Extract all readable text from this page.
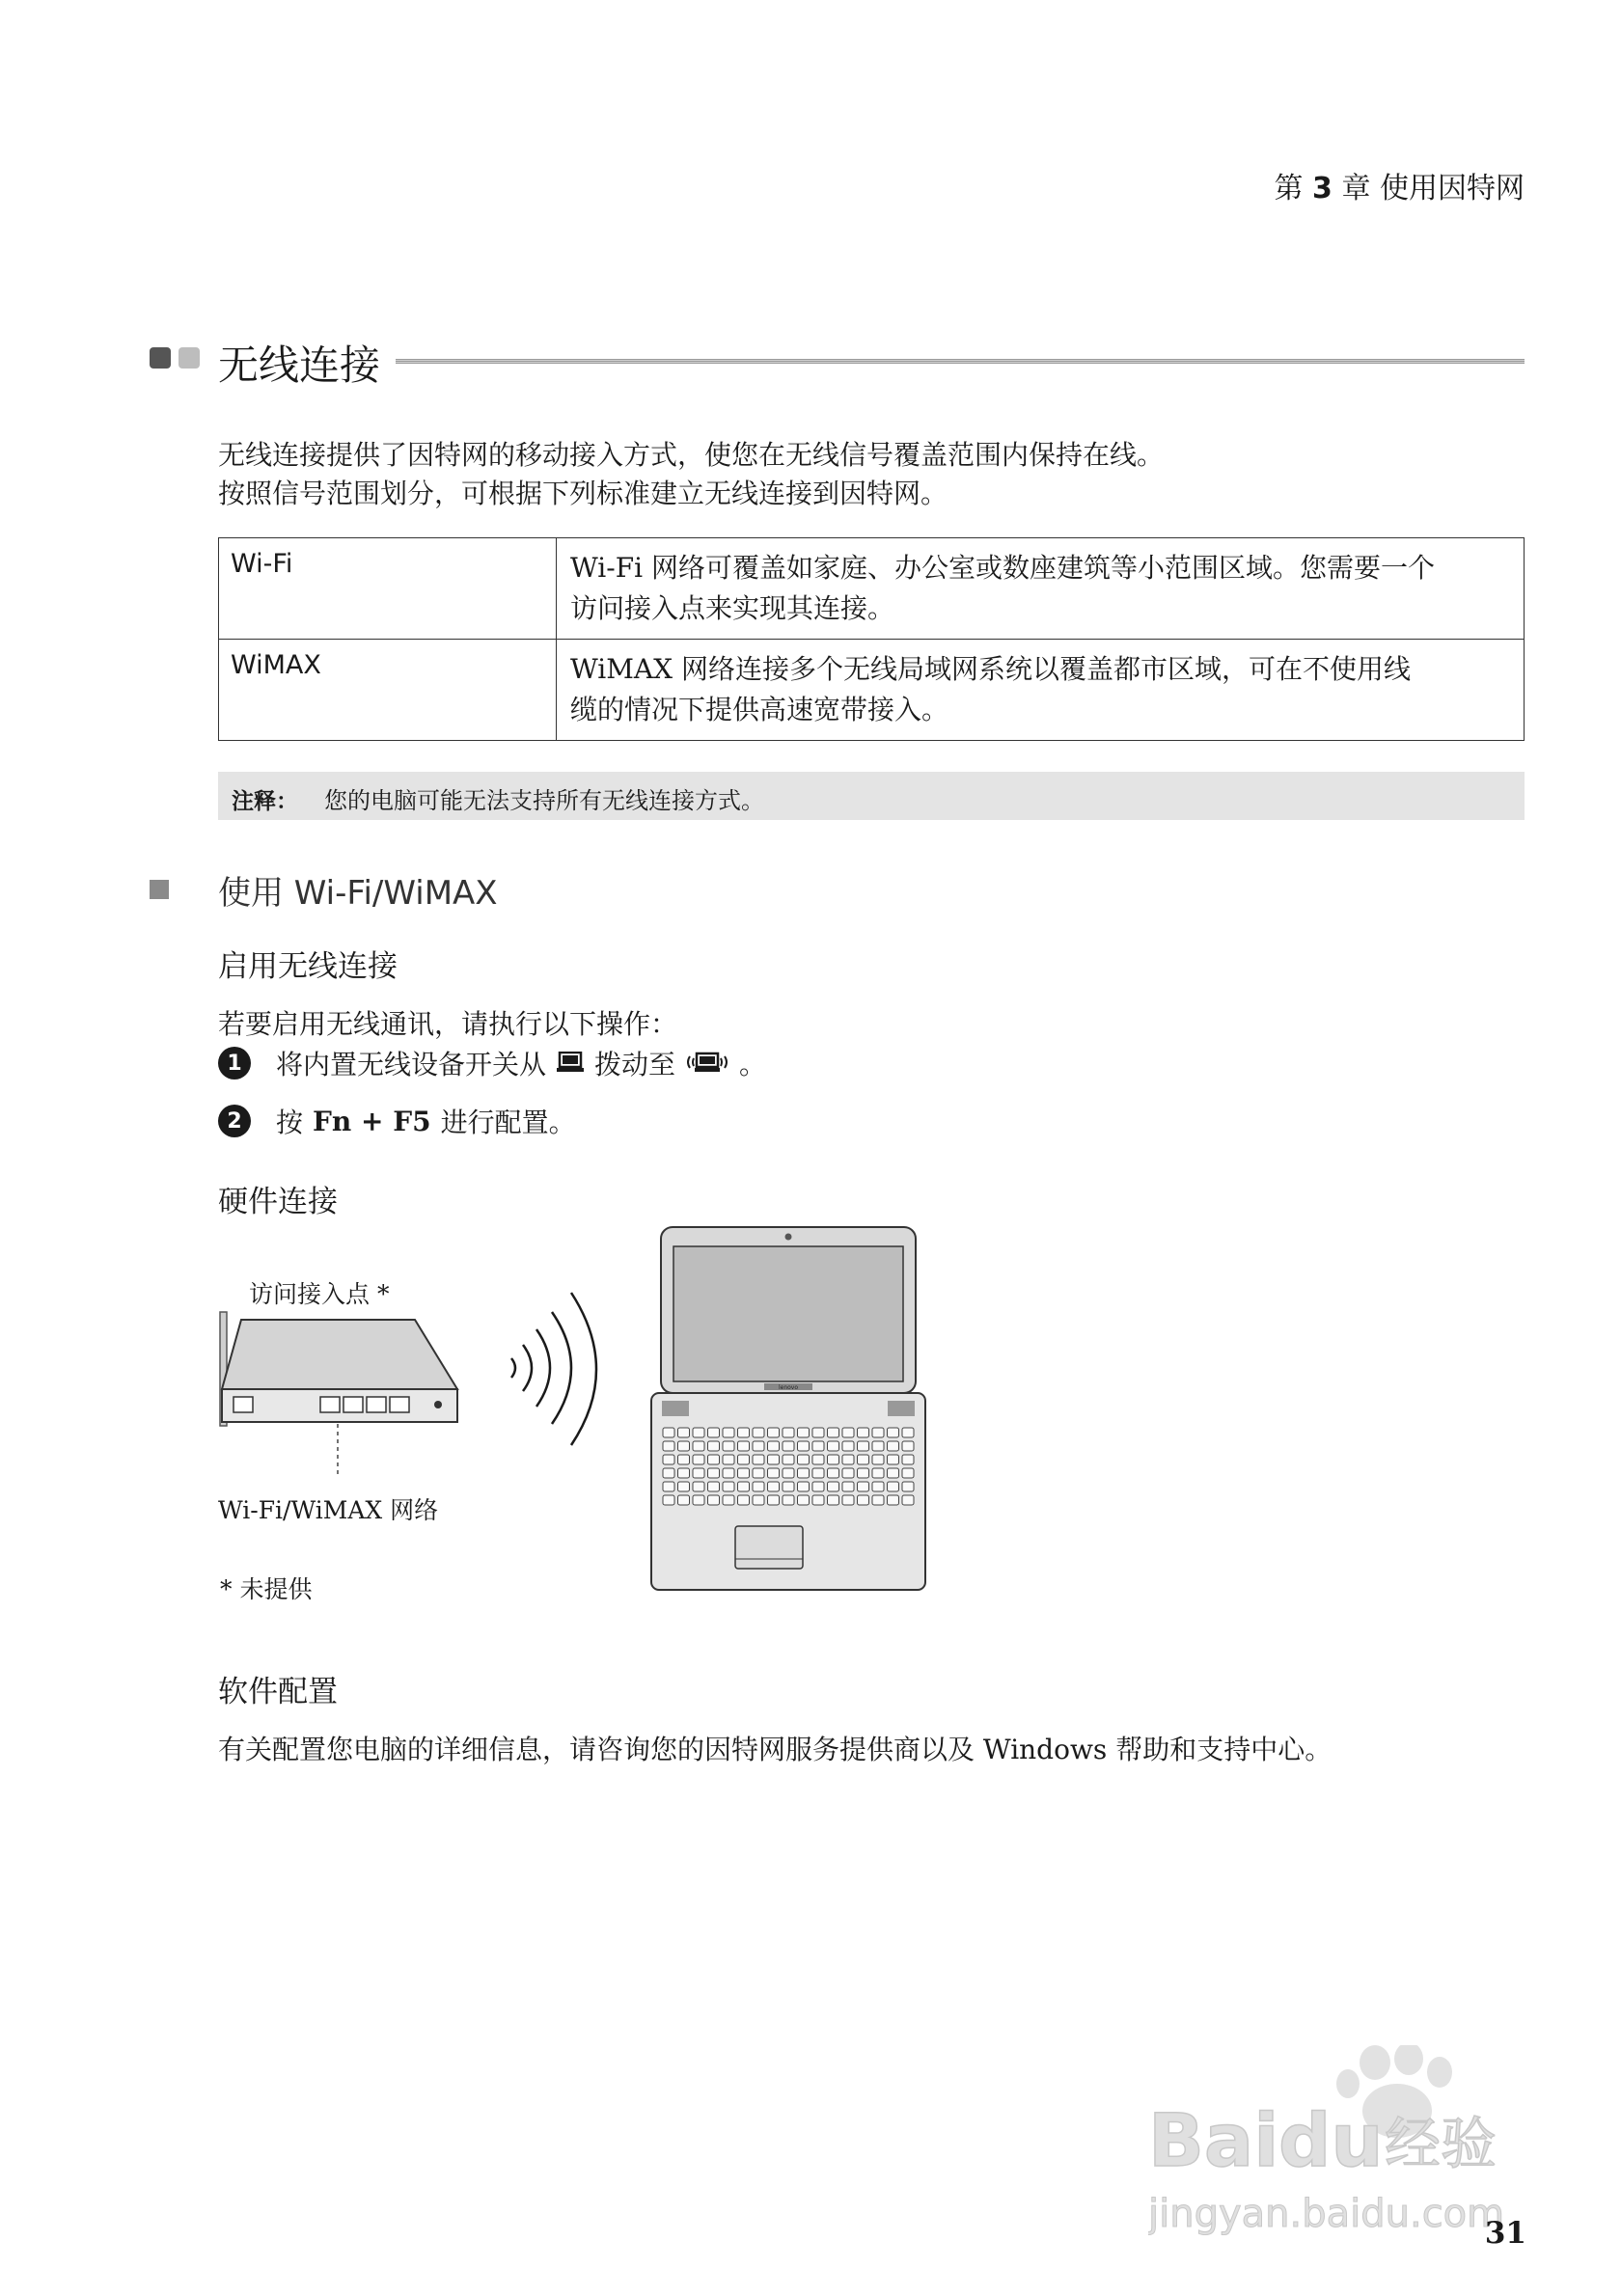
第 3 章 使用因特网
无线连接
无线连接提供了因特网的移动接入方式，使您在无线信号覆盖范围内保持在线。
按照信号范围划分，可根据下列标准建立无线连接到因特网。
Wi-Fi	Wi-Fi 网络可覆盖如家庭、办公室或数座建筑等小范围区域。您需要一个
访问接入点来实现其连接。

WiMAX	WiMAX 网络连接多个无线局域网系统以覆盖都市区域，可在不使用线
缆的情况下提供高速宽带接入。
注释： 您的电脑可能无法支持所有无线连接方式。
使用 Wi-Fi/WiMAX
启用无线连接
若要启用无线通讯，请执行以下操作：
1	将内置无线设备开关从 拨动至 。
2	按 Fn + F5 进行配置。
硬件连接
访问接入点 *
Wi-Fi/WiMAX 网络
lenovo
* 未提供
软件配置
有关配置您电脑的详细信息，请咨询您的因特网服务提供商以及 Windows 帮助和支持中心。
Bai du 经验
jingyan.baidu.com
31
